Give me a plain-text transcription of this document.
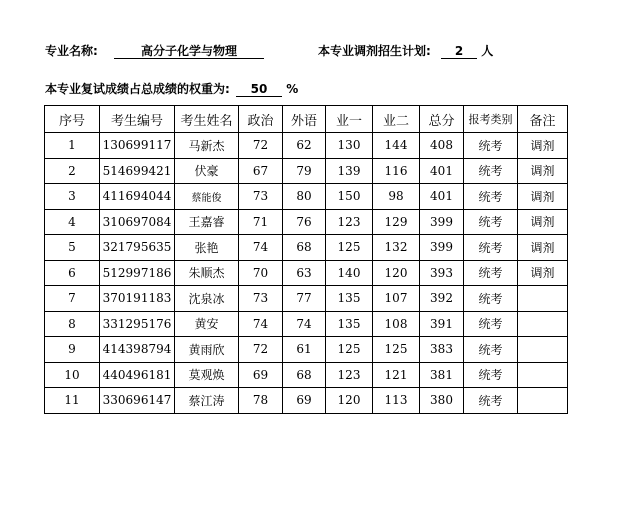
专业名称:	高分子化学与物理	本专业调剂招生计划: 2 人
本专业复试成绩占总成绩的权重为: 50 %
序号	考生编号	考生姓名	政治	外语	业一	业二	总分	报考类别	备注
1	130699117	马新杰	72	62	130	144	408	统考	调剂
2	514699421	伏豪	67	79	139	116	401	统考	调剂
3	411694044	蔡能俊	73	80	150	98	401	统考	调剂
4	310697084	王嘉睿	71	76	123	129	399	统考	调剂
5	321795635	张艳	74	68	125	132	399	统考	调剂
6	512997186	朱顺杰	70	63	140	120	393	统考	调剂
7	370191183	沈泉冰	73	77	135	107	392	统考	
8	331295176	黄安	74	74	135	108	391	统考	
9	414398794	黄雨欣	72	61	125	125	383	统考	
10	440496181	莫观焕	69	68	123	121	381	统考	
11	330696147	蔡江涛	78	69	120	113	380	统考	
